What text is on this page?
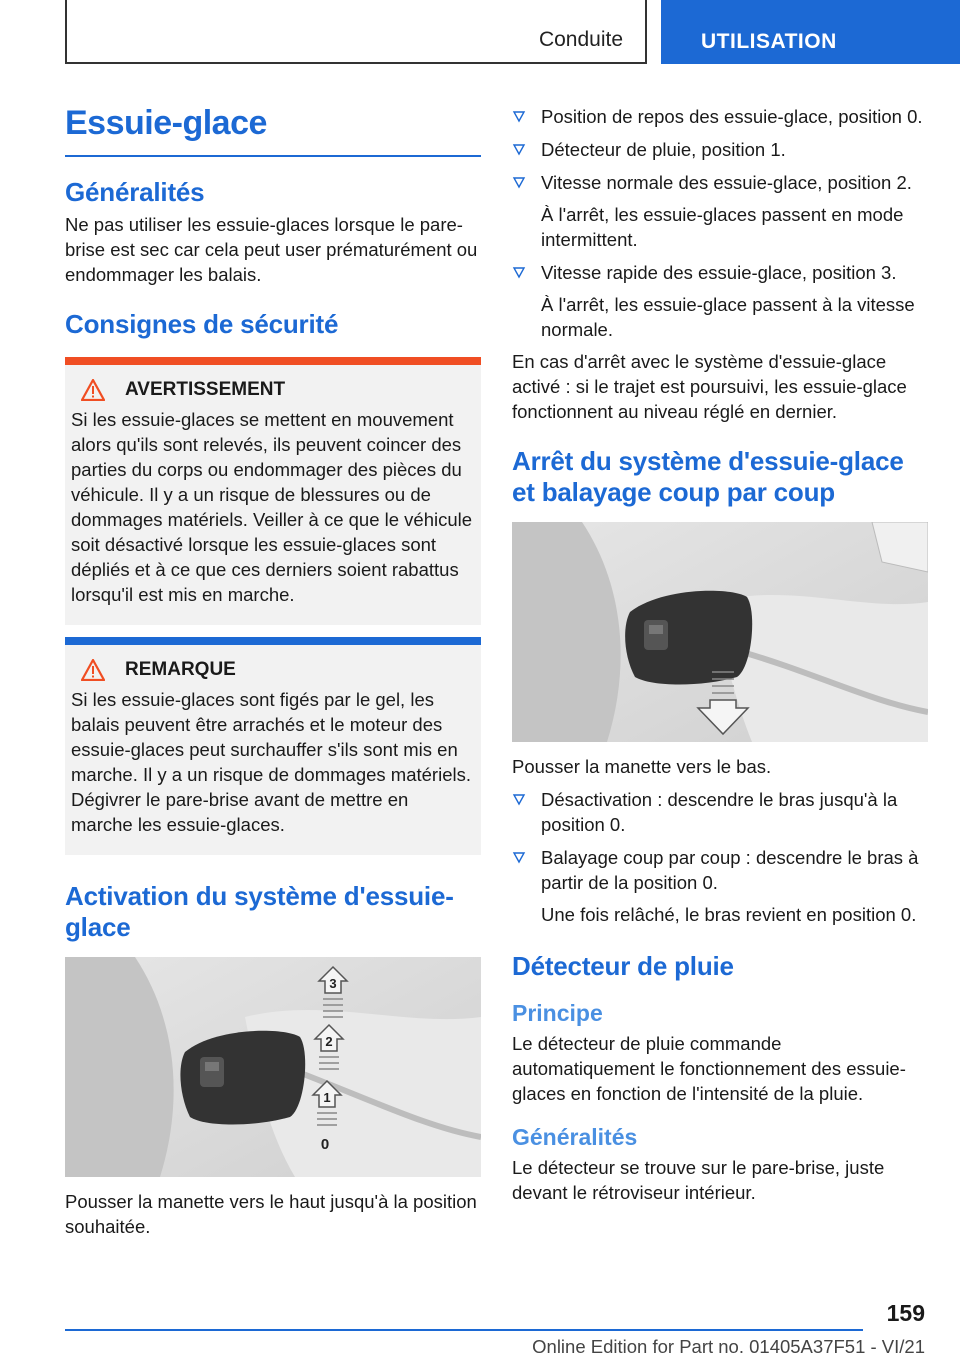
Conduite	UTILISATION
Essuie-glace
Généralités

Ne pas utiliser les essuie-glaces lorsque le pare-brise est sec car cela peut user prématurément ou endommager les balais.

Consignes de sécurité
AVERTISSEMENT

Si les essuie-glaces se mettent en mouvement alors qu'ils sont relevés, ils peuvent coincer des parties du corps ou endommager des pièces du véhicule. Il y a un risque de blessures ou de dommages matériels. Veiller à ce que le véhicule soit désactivé lorsque les essuie-glaces sont dépliés et à ce que ces derniers soient rabattus lorsqu'il est mis en marche.

REMARQUE

Si les essuie-glaces sont figés par le gel, les balais peuvent être arrachés et le moteur des essuie-glaces peut surchauffer s'ils sont mis en marche. Il y a un risque de dommages matériels. Dégivrer le pare-brise avant de mettre en marche les essuie-glaces.

Activation du système d'essuie-glace
3
2
1
0

Pousser la manette vers le haut jusqu'à la position souhaitée.

Position de repos des essuie-glace, position 0.
Détecteur de pluie, position 1.
Vitesse normale des essuie-glace, position 2.
À l'arrêt, les essuie-glaces passent en mode intermittent.
Vitesse rapide des essuie-glace, position 3.
À l'arrêt, les essuie-glace passent à la vitesse normale.

En cas d'arrêt avec le système d'essuie-glace activé : si le trajet est poursuivi, les essuie-glace fonctionnent au niveau réglé en dernier.

Arrêt du système d'essuie-glace et balayage coup par coup

Pousser la manette vers le bas.

Désactivation : descendre le bras jusqu'à la position 0.
Balayage coup par coup : descendre le bras à partir de la position 0.
Une fois relâché, le bras revient en position 0.
Détecteur de pluie
Principe

Le détecteur de pluie commande automatiquement le fonctionnement des essuie-glaces en fonction de l'intensité de la pluie.

Généralités

Le détecteur se trouve sur le pare-brise, juste devant le rétroviseur intérieur.

159
Online Edition for Part no. 01405A37F51 - VI/21
